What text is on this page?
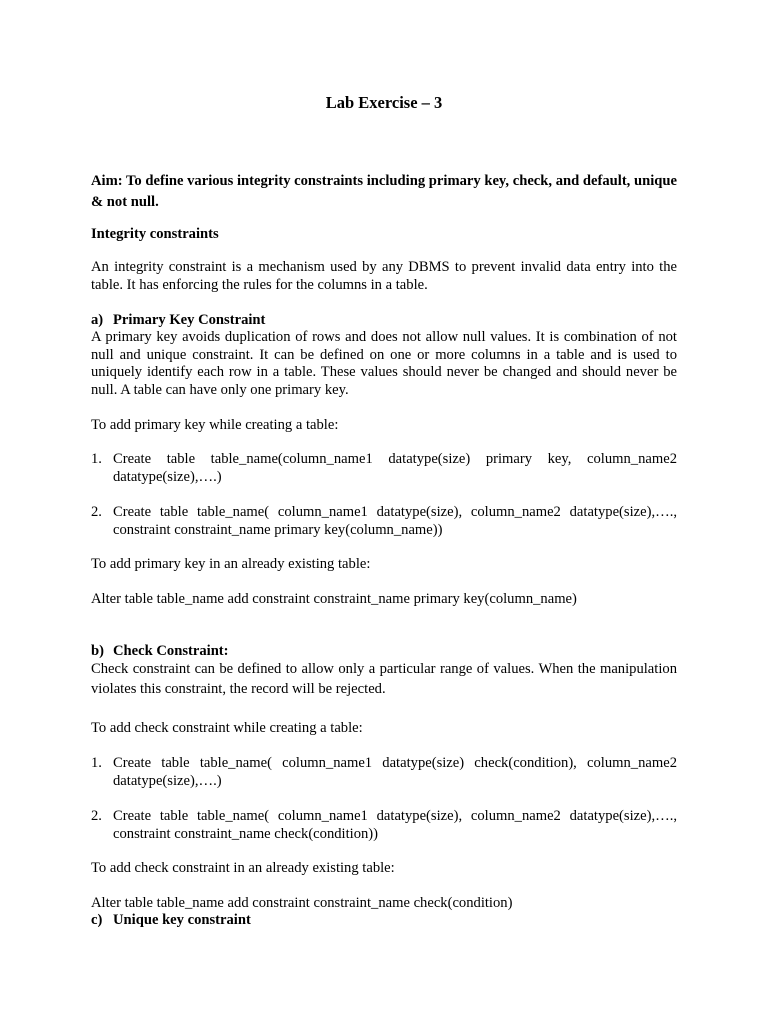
Lab Exercise – 3
Aim: To define various integrity constraints including primary key, check, and default, unique & not null.
Integrity constraints
An integrity constraint is a mechanism used by any DBMS to prevent invalid data entry into the table. It has enforcing the rules for the columns in a table.
a) Primary Key Constraint
A primary key avoids duplication of rows and does not allow null values. It is combination of not null and unique constraint. It can be defined on one or more columns in a table and is used to uniquely identify each row in a table. These values should never be changed and should never be null. A table can have only one primary key.
To add primary key while creating a table:
1. Create table table_name(column_name1 datatype(size) primary key, column_name2 datatype(size),….)
2. Create table table_name( column_name1 datatype(size), column_name2 datatype(size),…., constraint constraint_name primary key(column_name))
To add primary key in an already existing table:
Alter table table_name add constraint constraint_name primary key(column_name)
b) Check Constraint:
Check constraint can be defined to allow only a particular range of values. When the manipulation violates this constraint, the record will be rejected.
To add check constraint while creating a table:
1. Create table table_name( column_name1 datatype(size) check(condition), column_name2 datatype(size),….)
2. Create table table_name( column_name1 datatype(size), column_name2 datatype(size),…., constraint constraint_name check(condition))
To add check constraint in an already existing table:
Alter table table_name add constraint constraint_name check(condition)
c) Unique key constraint
